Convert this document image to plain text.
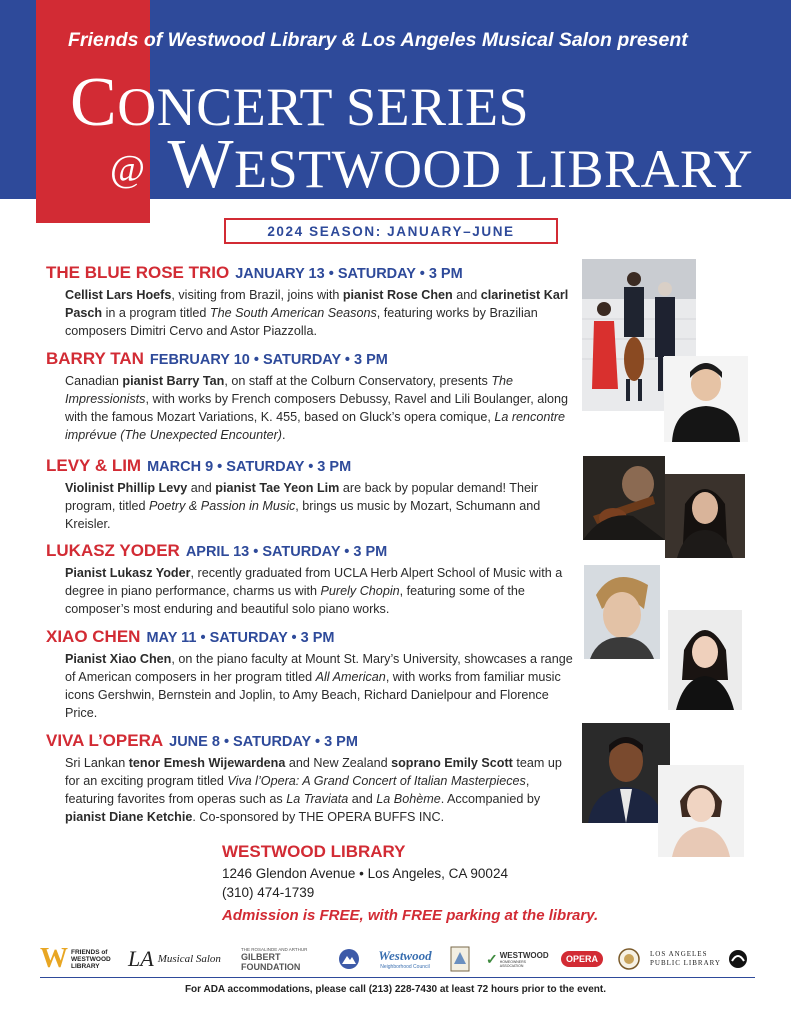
Friends of Westwood Library & Los Angeles Musical Salon present
CONCERT SERIES
@ WESTWOOD LIBRARY
2024 SEASON: JANUARY–JUNE
THE BLUE ROSE TRIO JANUARY 13 • SATURDAY • 3 PM
Cellist Lars Hoefs, visiting from Brazil, joins with pianist Rose Chen and clarinetist Karl Pasch in a program titled The South American Seasons, featuring works by Brazilian composers Dimitri Cervo and Astor Piazzolla.
BARRY TAN FEBRUARY 10 • SATURDAY • 3 PM
Canadian pianist Barry Tan, on staff at the Colburn Conservatory, presents The Impressionists, with works by French composers Debussy, Ravel and Lili Boulanger, along with the famous Mozart Variations, K. 455, based on Gluck’s opera comique, La rencontre imprévue (The Unexpected Encounter).
LEVY & LIM MARCH 9 • SATURDAY • 3 PM
Violinist Phillip Levy and pianist Tae Yeon Lim are back by popular demand! Their program, titled Poetry & Passion in Music, brings us music by Mozart, Schumann and Kreisler.
LUKASZ YODER APRIL 13 • SATURDAY • 3 PM
Pianist Lukasz Yoder, recently graduated from UCLA Herb Alpert School of Music with a degree in piano performance, charms us with Purely Chopin, featuring some of the composer’s most enduring and beautiful solo piano works.
XIAO CHEN MAY 11 • SATURDAY • 3 PM
Pianist Xiao Chen, on the piano faculty at Mount St. Mary’s University, showcases a range of American composers in her program titled All American, with works from familiar music icons Gershwin, Bernstein and Joplin, to Amy Beach, Richard Danielpour and Florence Price.
VIVA L’OPERA JUNE 8 • SATURDAY • 3 PM
Sri Lankan tenor Emesh Wijewardena and New Zealand soprano Emily Scott team up for an exciting program titled Viva l’Opera: A Grand Concert of Italian Masterpieces, featuring favorites from operas such as La Traviata and La Bohème. Accompanied by pianist Diane Ketchie. Co-sponsored by THE OPERA BUFFS INC.
WESTWOOD LIBRARY
1246 Glendon Avenue • Los Angeles, CA 90024
(310) 474-1739
Admission is FREE, with FREE parking at the library.
W FRIENDS of WESTWOOD LIBRARY	LA Musical Salon
THE ROSALINDE AND ARTHUR
GILBERT FOUNDATION
Westwood
Neighborhood Council
✓ WESTWOOD
HOMEOWNERS ASSOCIATION
OPERA	LOS ANGELES PUBLIC LIBRARY
For ADA accommodations, please call (213) 228-7430 at least 72 hours prior to the event.
